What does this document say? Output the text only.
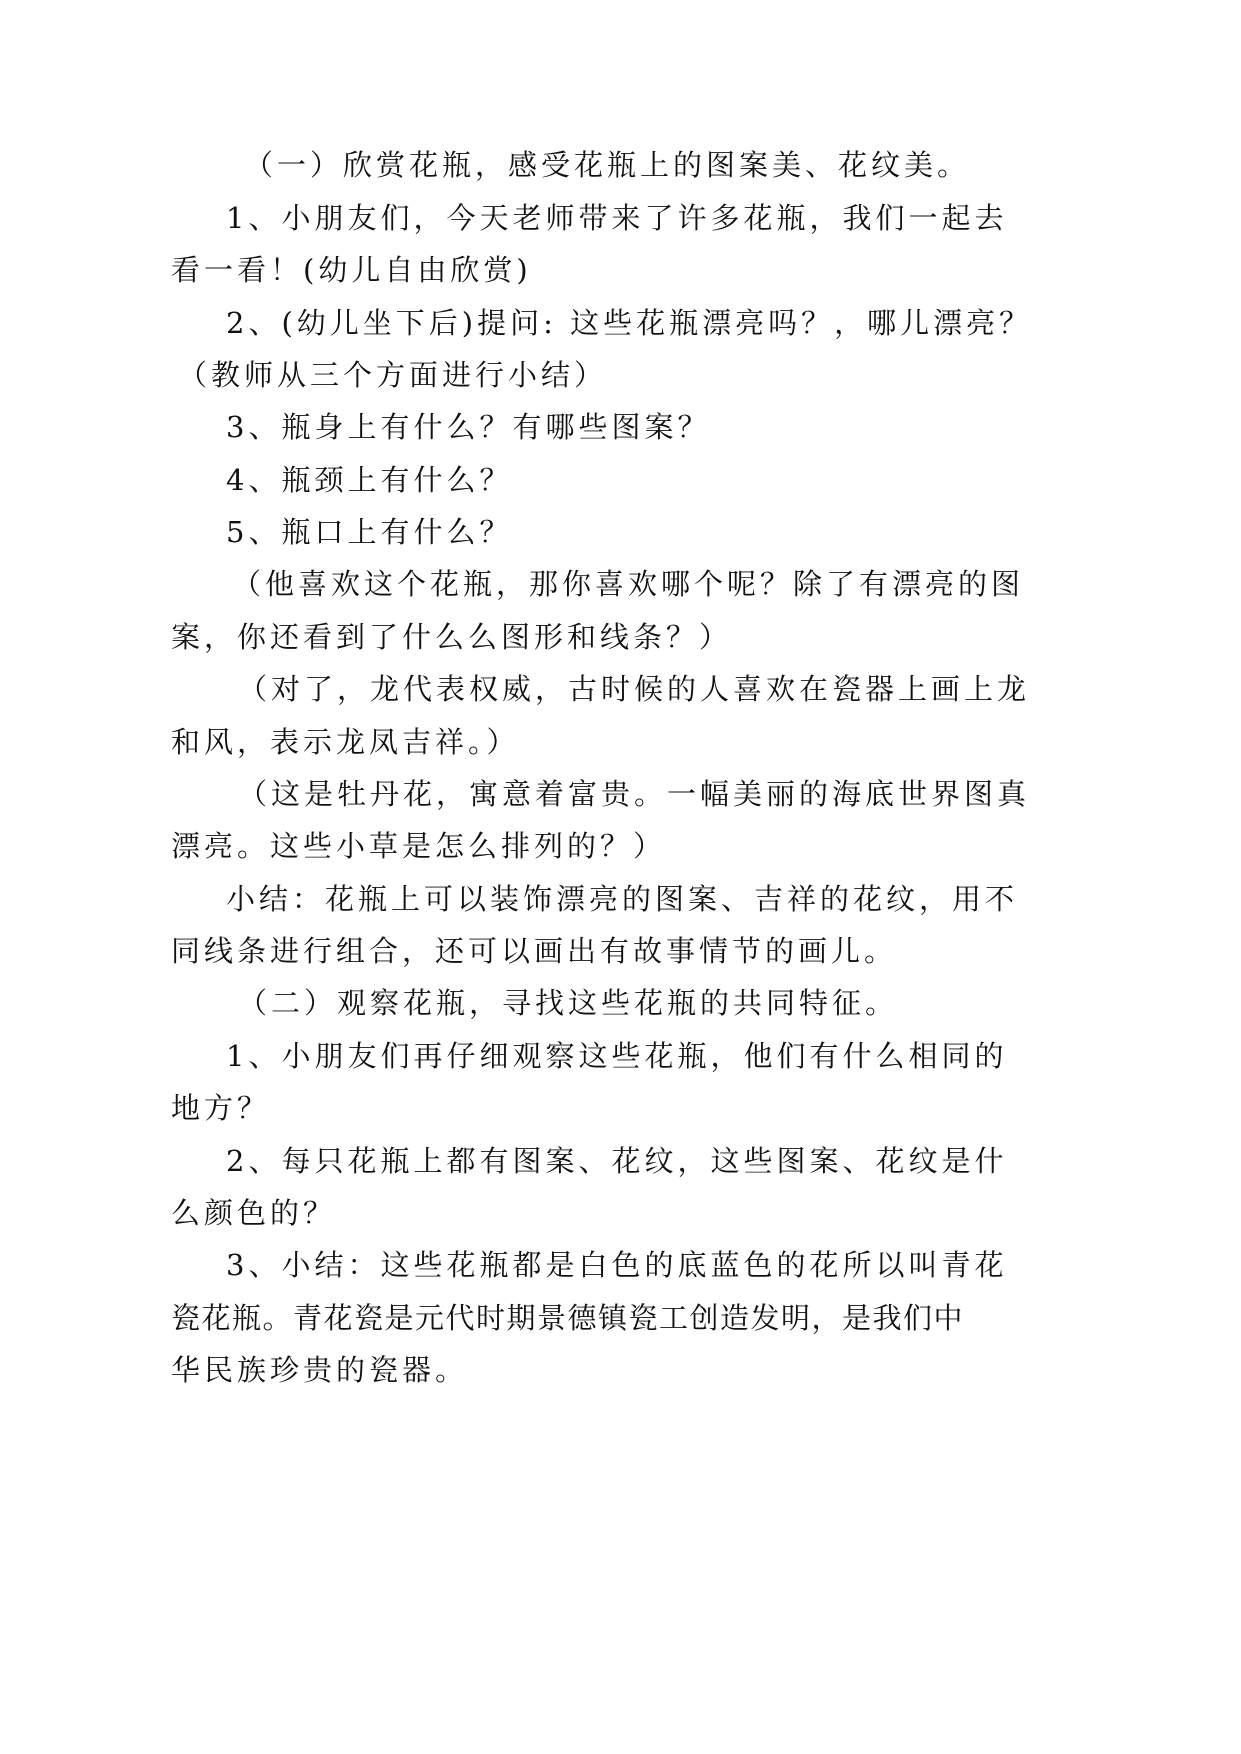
（一）欣赏花瓶，感受花瓶上的图案美、花纹美。
1、小朋友们，今天老师带来了许多花瓶，我们一起去
看一看！(幼儿自由欣赏)
2、(幼儿坐下后)提问: 这些花瓶漂亮吗？，哪儿漂亮？
（教师从三个方面进行小结）
3、瓶身上有什么？有哪些图案？
4、瓶颈上有什么？
5、瓶口上有什么？
（他喜欢这个花瓶，那你喜欢哪个呢？除了有漂亮的图
案，你还看到了什么么图形和线条？）
（对了，龙代表权威，古时候的人喜欢在瓷器上画上龙
和风，表示龙凤吉祥。）
（这是牡丹花，寓意着富贵。一幅美丽的海底世界图真
漂亮。这些小草是怎么排列的？）
小结：花瓶上可以装饰漂亮的图案、吉祥的花纹，用不
同线条进行组合，还可以画出有故事情节的画儿。
（二）观察花瓶，寻找这些花瓶的共同特征。
1、小朋友们再仔细观察这些花瓶，他们有什么相同的
地方？
2、每只花瓶上都有图案、花纹，这些图案、花纹是什
么颜色的？
3、小结：这些花瓶都是白色的底蓝色的花所以叫青花
瓷花瓶。青花瓷是元代时期景德镇瓷工创造发明，是我们中
华民族珍贵的瓷器。
